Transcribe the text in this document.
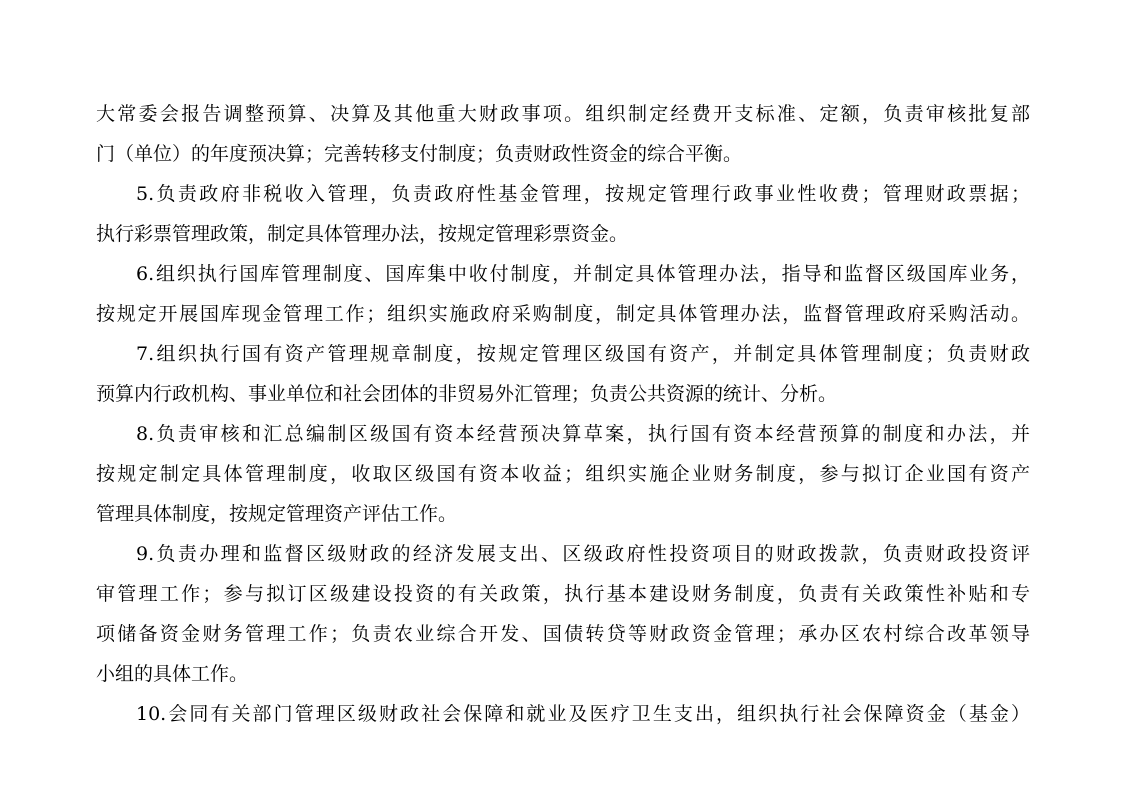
大常委会报告调整预算、决算及其他重大财政事项。组织制定经费开支标准、定额，负责审核批复部
门（单位）的年度预决算；完善转移支付制度；负责财政性资金的综合平衡。
5.负责政府非税收入管理，负责政府性基金管理，按规定管理行政事业性收费；管理财政票据；
执行彩票管理政策，制定具体管理办法，按规定管理彩票资金。
6.组织执行国库管理制度、国库集中收付制度，并制定具体管理办法，指导和监督区级国库业务，
按规定开展国库现金管理工作；组织实施政府采购制度，制定具体管理办法，监督管理政府采购活动。
7.组织执行国有资产管理规章制度，按规定管理区级国有资产，并制定具体管理制度；负责财政
预算内行政机构、事业单位和社会团体的非贸易外汇管理；负责公共资源的统计、分析。
8.负责审核和汇总编制区级国有资本经营预决算草案，执行国有资本经营预算的制度和办法，并
按规定制定具体管理制度，收取区级国有资本收益；组织实施企业财务制度，参与拟订企业国有资产
管理具体制度，按规定管理资产评估工作。
9.负责办理和监督区级财政的经济发展支出、区级政府性投资项目的财政拨款，负责财政投资评
审管理工作；参与拟订区级建设投资的有关政策，执行基本建设财务制度，负责有关政策性补贴和专
项储备资金财务管理工作；负责农业综合开发、国债转贷等财政资金管理；承办区农村综合改革领导
小组的具体工作。
10.会同有关部门管理区级财政社会保障和就业及医疗卫生支出，组织执行社会保障资金（基金）
